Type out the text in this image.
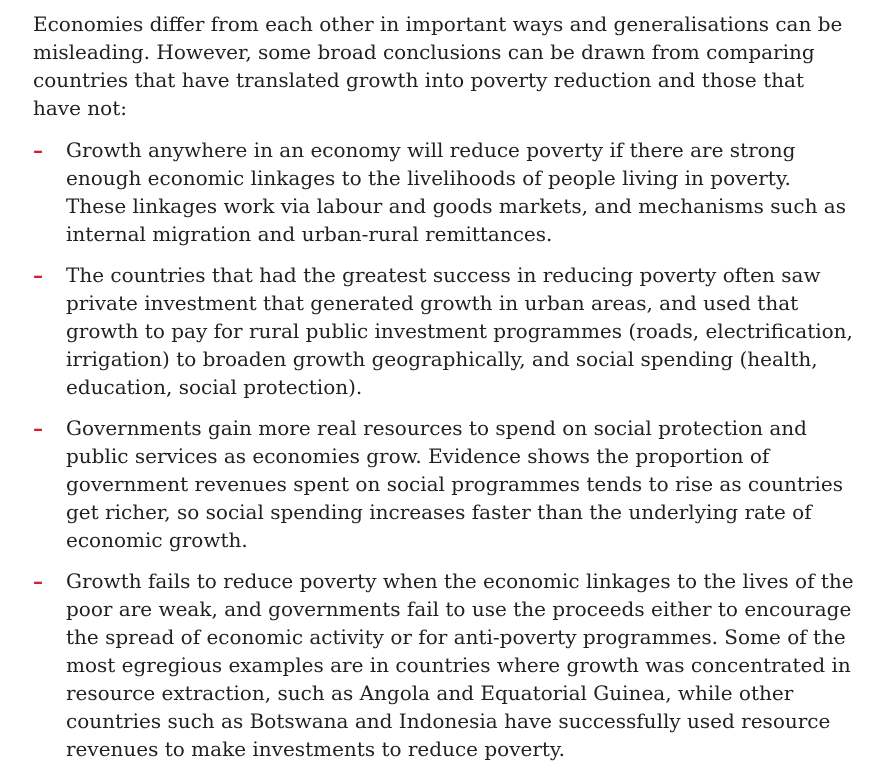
Economies differ from each other in important ways and generalisations can be misleading. However, some broad conclusions can be drawn from comparing countries that have translated growth into poverty reduction and those that have not:

– Growth anywhere in an economy will reduce poverty if there are strong enough economic linkages to the livelihoods of people living in poverty. These linkages work via labour and goods markets, and mechanisms such as internal migration and urban-rural remittances.
– The countries that had the greatest success in reducing poverty often saw private investment that generated growth in urban areas, and used that growth to pay for rural public investment programmes (roads, electrification, irrigation) to broaden growth geographically, and social spending (health, education, social protection).
– Governments gain more real resources to spend on social protection and public services as economies grow. Evidence shows the proportion of government revenues spent on social programmes tends to rise as countries get richer, so social spending increases faster than the underlying rate of economic growth.
– Growth fails to reduce poverty when the economic linkages to the lives of the poor are weak, and governments fail to use the proceeds either to encourage the spread of economic activity or for anti-poverty programmes. Some of the most egregious examples are in countries where growth was concentrated in resource extraction, such as Angola and Equatorial Guinea, while other countries such as Botswana and Indonesia have successfully used resource revenues to make investments to reduce poverty.
